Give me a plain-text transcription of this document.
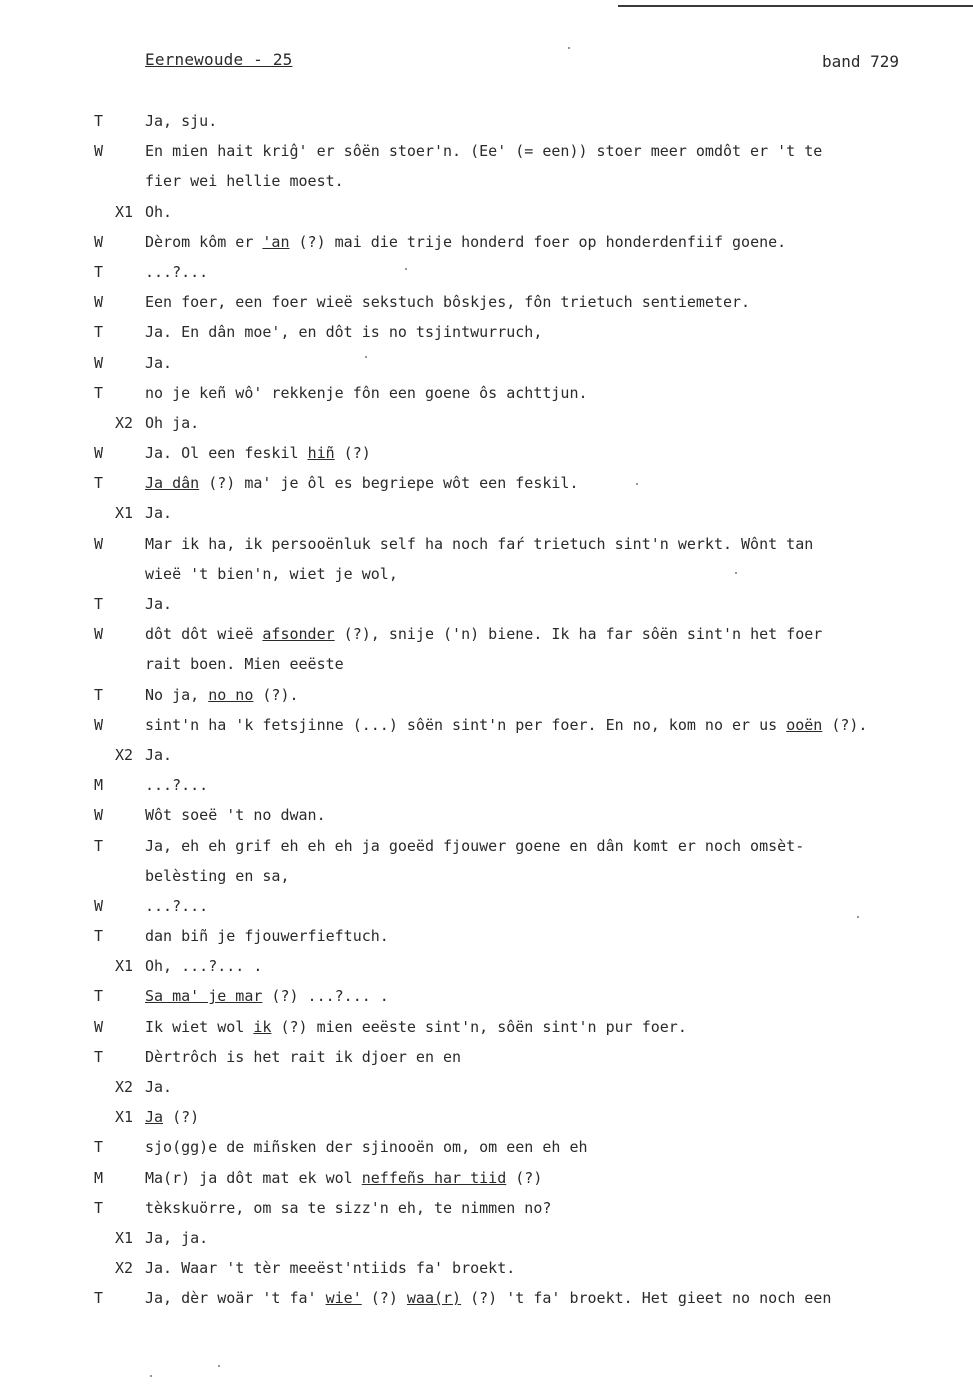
Eernewoude - 25	band 729
T	Ja, sju.
W	En mien hait kriĝ' er sôën stoer'n. (Ee' (= een)) stoer meer omdôt er 't te
fier wei hellie moest.
X1 Oh.
W	Dèrom kôm er 'an (?) mai die trije honderd foer op honderdenfiif goene.
T	...?...
W	Een foer, een foer wieë sekstuch bôskjes, fôn trietuch sentiemeter.
T	Ja. En dân moe', en dôt is no tsjintwurruch,
W	Ja.
T	no je keñ wô' rekkenje fôn een goene ôs achttjun.
X2 Oh ja.
W	Ja. Ol een feskil hiñ (?)
T	Ja dân (?) ma' je ôl es begriepe wôt een feskil.
X1 Ja.
W	Mar ik ha, ik persooënluk self ha noch faŕ trietuch sint'n werkt. Wônt tan
wieë 't bien'n, wiet je wol,
T	Ja.
W	dôt dôt wieë afsonder (?), snije ('n) biene. Ik ha far sôën sint'n het foer
rait boen. Mien eeëste
T	No ja, no no (?).
W	sint'n ha 'k fetsjinne (...) sôën sint'n per foer. En no, kom no er us ooën (?).
X2 Ja.
M	...?...
W	Wôt soeë 't no dwan.
T	Ja, eh eh grif eh eh eh ja goeëd fjouwer goene en dân komt er noch omsèt-
belèsting en sa,
W	...?...
T	dan biñ je fjouwerfieftuch.
X1 Oh, ...?... .
T	Sa ma' je mar (?) ...?... .
W	Ik wiet wol ik (?) mien eeëste sint'n, sôën sint'n pur foer.
T	Dèrtrôch is het rait ik djoer en en
X2 Ja.
X1 Ja (?)
T	sjo(gg)e de miñsken der sjinooën om, om een eh eh
M	Ma(r) ja dôt mat ek wol neffeñs har tiid (?)
T	tèkskuörre, om sa te sizz'n eh, te nimmen no?
X1 Ja, ja.
X2 Ja. Waar 't tèr meeëst'ntiids fa' broekt.
T	Ja, dèr woär 't fa' wie' (?) waa(r) (?) 't fa' broekt. Het gieet no noch een
